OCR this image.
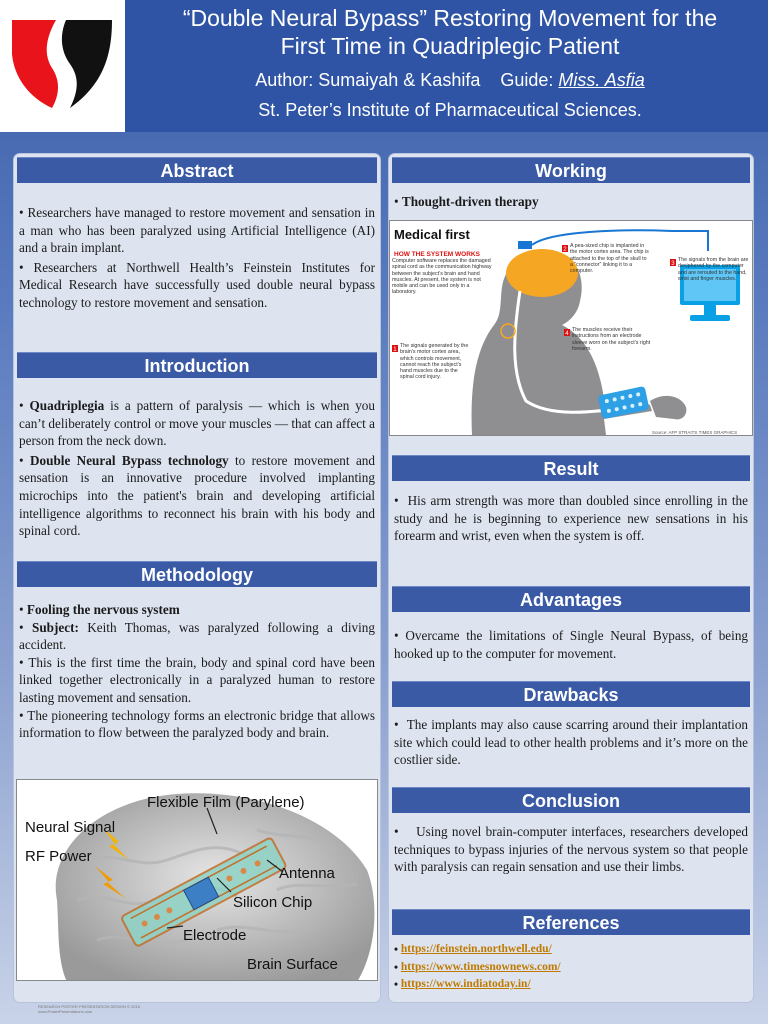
“Double Neural Bypass” Restoring Movement for the
First Time in Quadriplegic Patient
Author: Sumaiyah & Kashifa Guide: Miss. Asfia
St. Peter’s Institute of Pharmaceutical Sciences.
Abstract

• Researchers have managed to restore movement and sensation in a man who has been paralyzed using Artificial Intelligence (AI) and a brain implant.

• Researchers at Northwell Health’s Feinstein Institutes for Medical Research have successfully used double neural bypass technology to restore movement and sensation.

Introduction

• Quadriplegia is a pattern of paralysis — which is when you can’t deliberately control or move your muscles — that can affect a person from the neck down.

• Double Neural Bypass technology to restore movement and sensation is an innovative procedure involved implanting microchips into the patient's brain and developing artificial intelligence algorithms to reconnect his brain with his body and spinal cord.

Methodology

• Fooling the nervous system

• Subject: Keith Thomas, was paralyzed following a diving accident.

• This is the first time the brain, body and spinal cord have been linked together electronically in a paralyzed human to restore lasting movement and sensation.

• The pioneering technology forms an electronic bridge that allows information to flow between the paralyzed body and brain.

Flexible Film (Parylene)
Neural Signal
RF Power
Antenna
Silicon Chip
Electrode
Brain Surface
Working

• Thought-driven therapy

Medical first
HOW THE SYSTEM WORKS
Computer software replaces the damaged spinal cord as the communication highway between the subject’s brain and hand muscles. At present, the system is not mobile and can be used only in a laboratory.
1
The signals generated by the brain’s motor cortex area, which controls movement, cannot reach the subject’s hand muscles due to the spinal cord injury.
2
A pea-sized chip is implanted in the motor cortex area. The chip is attached to the top of the skull to a “connector” linking it to a computer.
3
The signals from the brain are deciphered by the computer and are rerouted to the hand, wrist and finger muscles.
4
The muscles receive their instructions from an electrode sleeve worn on the subject’s right forearm.
Source: AFP STRAITS TIMES GRAPHICS
Result

•  His arm strength was more than doubled since enrolling in the study and he is beginning to experience new sensations in his forearm and wrist, even when the system is off.

Advantages

• Overcame the limitations of Single Neural Bypass, of being hooked up to the computer for movement.

Drawbacks

•  The implants may also cause scarring around their implantation site which could lead to other health problems and it’s more on the costlier side.

Conclusion

•    Using novel brain-computer interfaces, researchers developed techniques to bypass injuries of the nervous system so that people with paralysis can regain sensation and use their limbs.

References
• https://feinstein.northwell.edu/
• https://www.timesnownews.com/
• https://www.indiatoday.in/
RESEARCH POSTER PRESENTATION DESIGN © 2015
www.PosterPresentations.com
